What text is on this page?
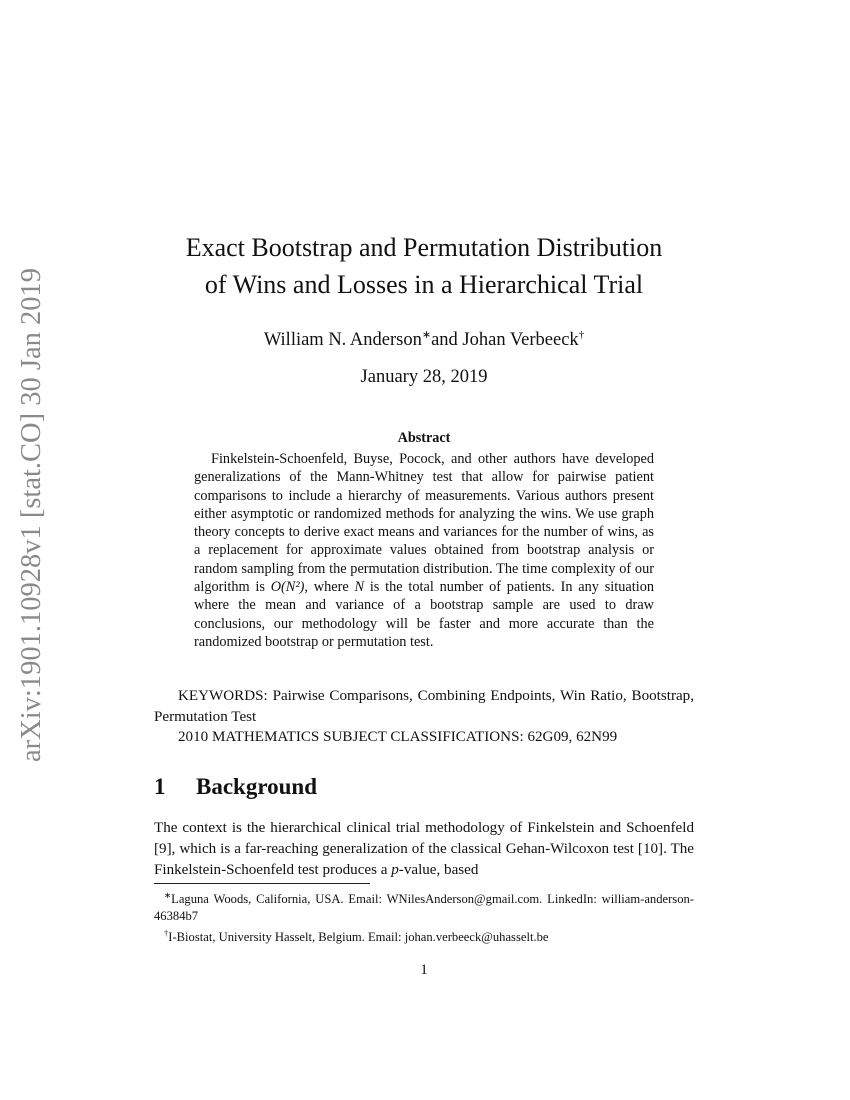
arXiv:1901.10928v1 [stat.CO] 30 Jan 2019
Exact Bootstrap and Permutation Distribution
of Wins and Losses in a Hierarchical Trial
William N. Anderson∗and Johan Verbeeck†
January 28, 2019
Abstract

Finkelstein-Schoenfeld, Buyse, Pocock, and other authors have developed generalizations of the Mann-Whitney test that allow for pairwise patient comparisons to include a hierarchy of measurements. Various authors present either asymptotic or randomized methods for analyzing the wins. We use graph theory concepts to derive exact means and variances for the number of wins, as a replacement for approximate values obtained from bootstrap analysis or random sampling from the permutation distribution. The time complexity of our algorithm is O(N²), where N is the total number of patients. In any situation where the mean and variance of a bootstrap sample are used to draw conclusions, our methodology will be faster and more accurate than the randomized bootstrap or permutation test.

KEYWORDS: Pairwise Comparisons, Combining Endpoints, Win Ratio, Bootstrap, Permutation Test

2010 MATHEMATICS SUBJECT CLASSIFICATIONS: 62G09, 62N99

1 Background

The context is the hierarchical clinical trial methodology of Finkelstein and Schoenfeld [9], which is a far-reaching generalization of the classical Gehan-Wilcoxon test [10]. The Finkelstein-Schoenfeld test produces a p-value, based

∗Laguna Woods, California, USA. Email: WNilesAnderson@gmail.com. LinkedIn: william-anderson-46384b7

†I-Biostat, University Hasselt, Belgium. Email: johan.verbeeck@uhasselt.be

1
